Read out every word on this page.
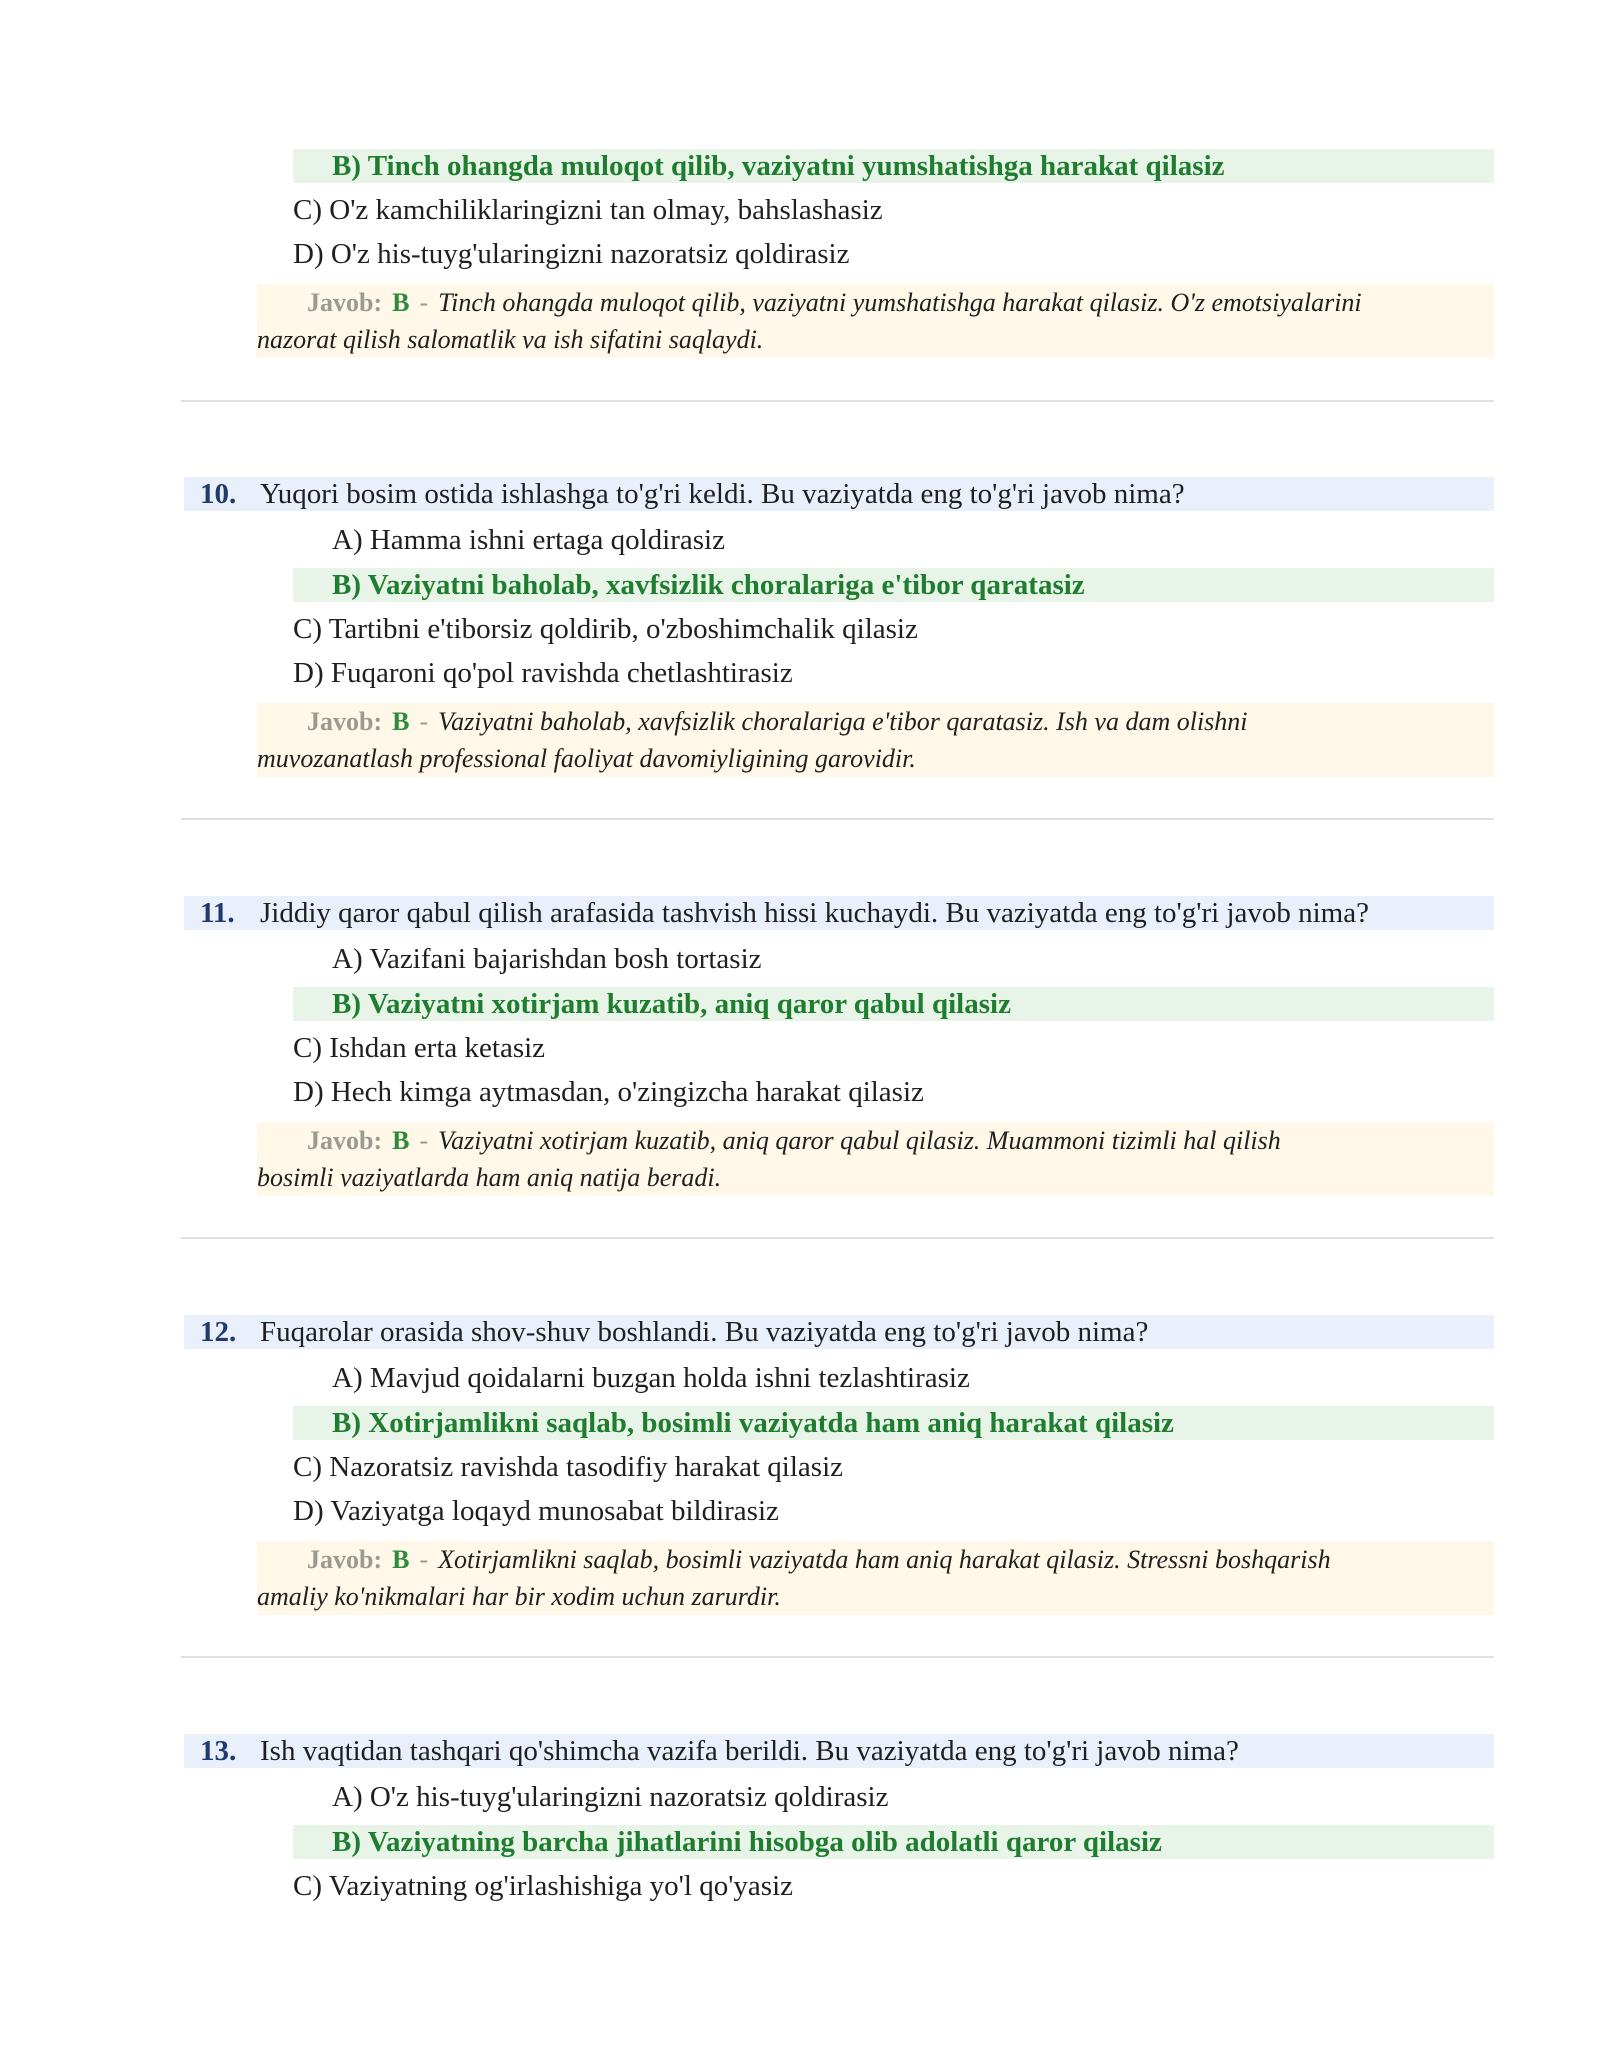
B) Tinch ohangda muloqot qilib, vaziyatni yumshatishga harakat qilasiz
C) O'z kamchiliklaringizni tan olmay, bahslashasiz
D) O'z his-tuyg'ularingizni nazoratsiz qoldirasiz
Javob: B - Tinch ohangda muloqot qilib, vaziyatni yumshatishga harakat qilasiz. O'z emotsiyalarini
nazorat qilish salomatlik va ish sifatini saqlaydi.
10. Yuqori bosim ostida ishlashga to'g'ri keldi. Bu vaziyatda eng to'g'ri javob nima?
A) Hamma ishni ertaga qoldirasiz
B) Vaziyatni baholab, xavfsizlik choralariga e'tibor qaratasiz
C) Tartibni e'tiborsiz qoldirib, o'zboshimchalik qilasiz
D) Fuqaroni qo'pol ravishda chetlashtirasiz
Javob: B - Vaziyatni baholab, xavfsizlik choralariga e'tibor qaratasiz. Ish va dam olishni
muvozanatlash professional faoliyat davomiyligining garovidir.
11. Jiddiy qaror qabul qilish arafasida tashvish hissi kuchaydi. Bu vaziyatda eng to'g'ri javob nima?
A) Vazifani bajarishdan bosh tortasiz
B) Vaziyatni xotirjam kuzatib, aniq qaror qabul qilasiz
C) Ishdan erta ketasiz
D) Hech kimga aytmasdan, o'zingizcha harakat qilasiz
Javob: B - Vaziyatni xotirjam kuzatib, aniq qaror qabul qilasiz. Muammoni tizimli hal qilish
bosimli vaziyatlarda ham aniq natija beradi.
12. Fuqarolar orasida shov-shuv boshlandi. Bu vaziyatda eng to'g'ri javob nima?
A) Mavjud qoidalarni buzgan holda ishni tezlashtirasiz
B) Xotirjamlikni saqlab, bosimli vaziyatda ham aniq harakat qilasiz
C) Nazoratsiz ravishda tasodifiy harakat qilasiz
D) Vaziyatga loqayd munosabat bildirasiz
Javob: B - Xotirjamlikni saqlab, bosimli vaziyatda ham aniq harakat qilasiz. Stressni boshqarish
amaliy ko'nikmalari har bir xodim uchun zarurdir.
13. Ish vaqtidan tashqari qo'shimcha vazifa berildi. Bu vaziyatda eng to'g'ri javob nima?
A) O'z his-tuyg'ularingizni nazoratsiz qoldirasiz
B) Vaziyatning barcha jihatlarini hisobga olib adolatli qaror qilasiz
C) Vaziyatning og'irlashishiga yo'l qo'yasiz
